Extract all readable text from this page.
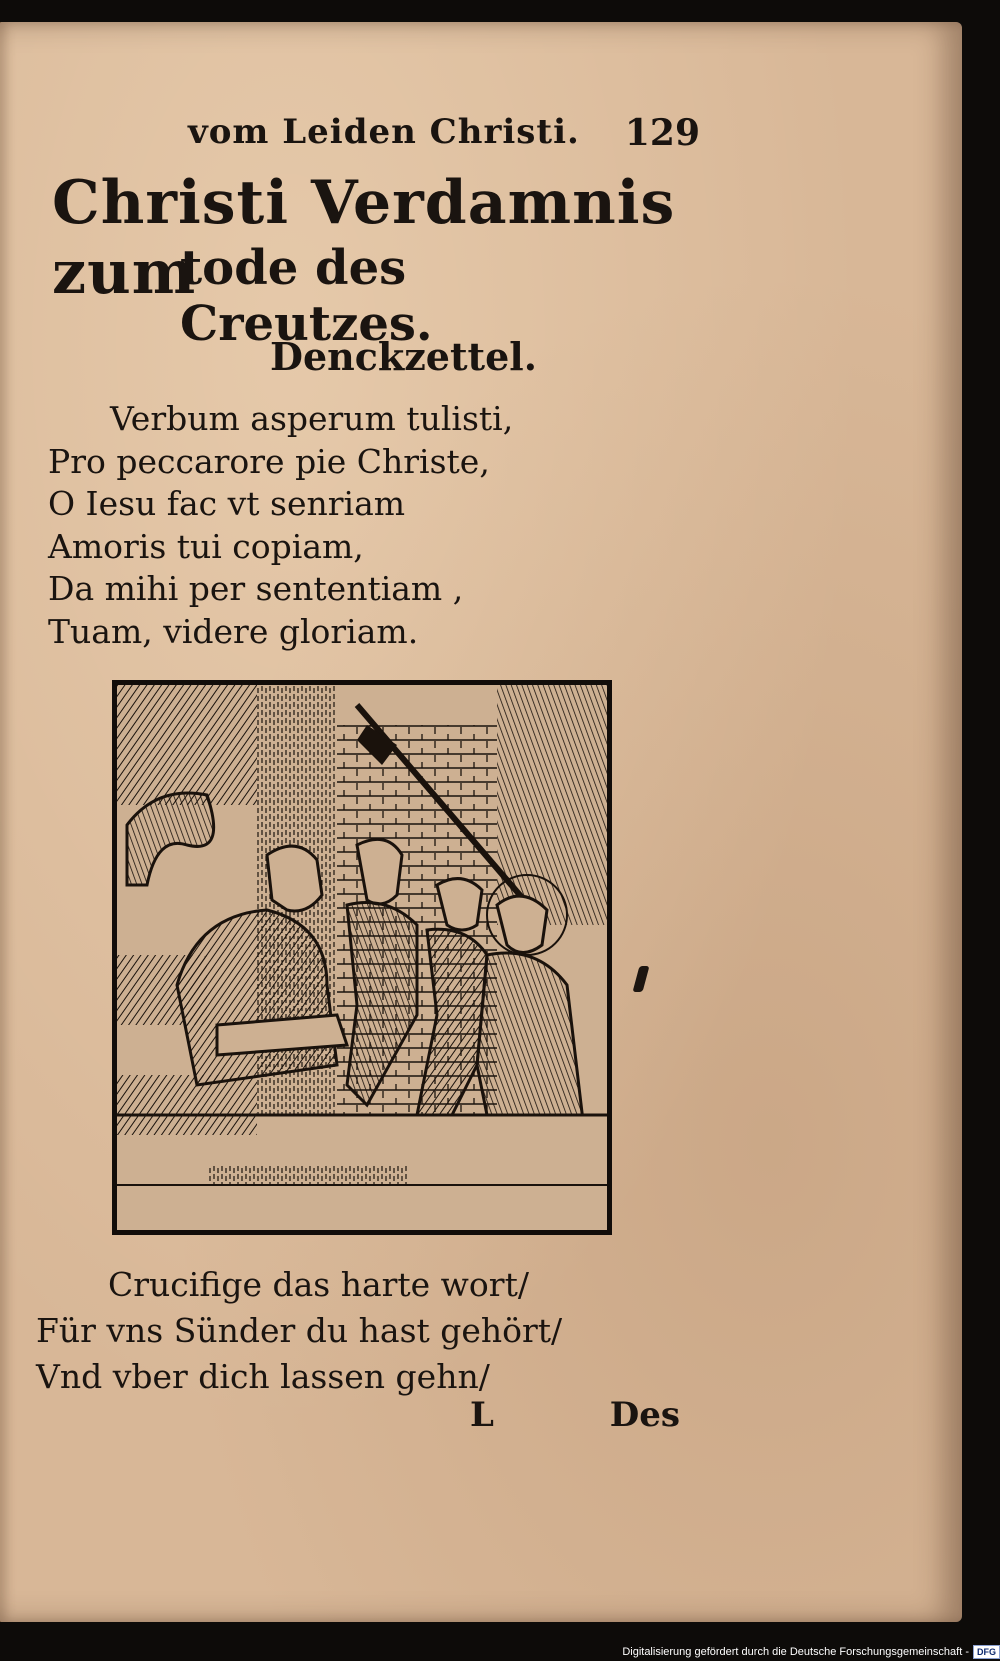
vom Leiden Christi. 129
Christi Verdamnis zum
tode des Creutzes.
Denckzettel.
Verbum asperum tulisti,
Pro peccarore pie Christe,
O Iesu fac vt senriam
Amoris tui copiam,
Da mihi per sententiam ,
Tuam, videre gloriam.
Crucifige das harte wort/
Für vns Sünder du hast gehört/
Vnd vber dich lassen gehn/
L	Des
Digitalisierung gefördert durch die Deutsche Forschungsgemeinschaft - DFG
